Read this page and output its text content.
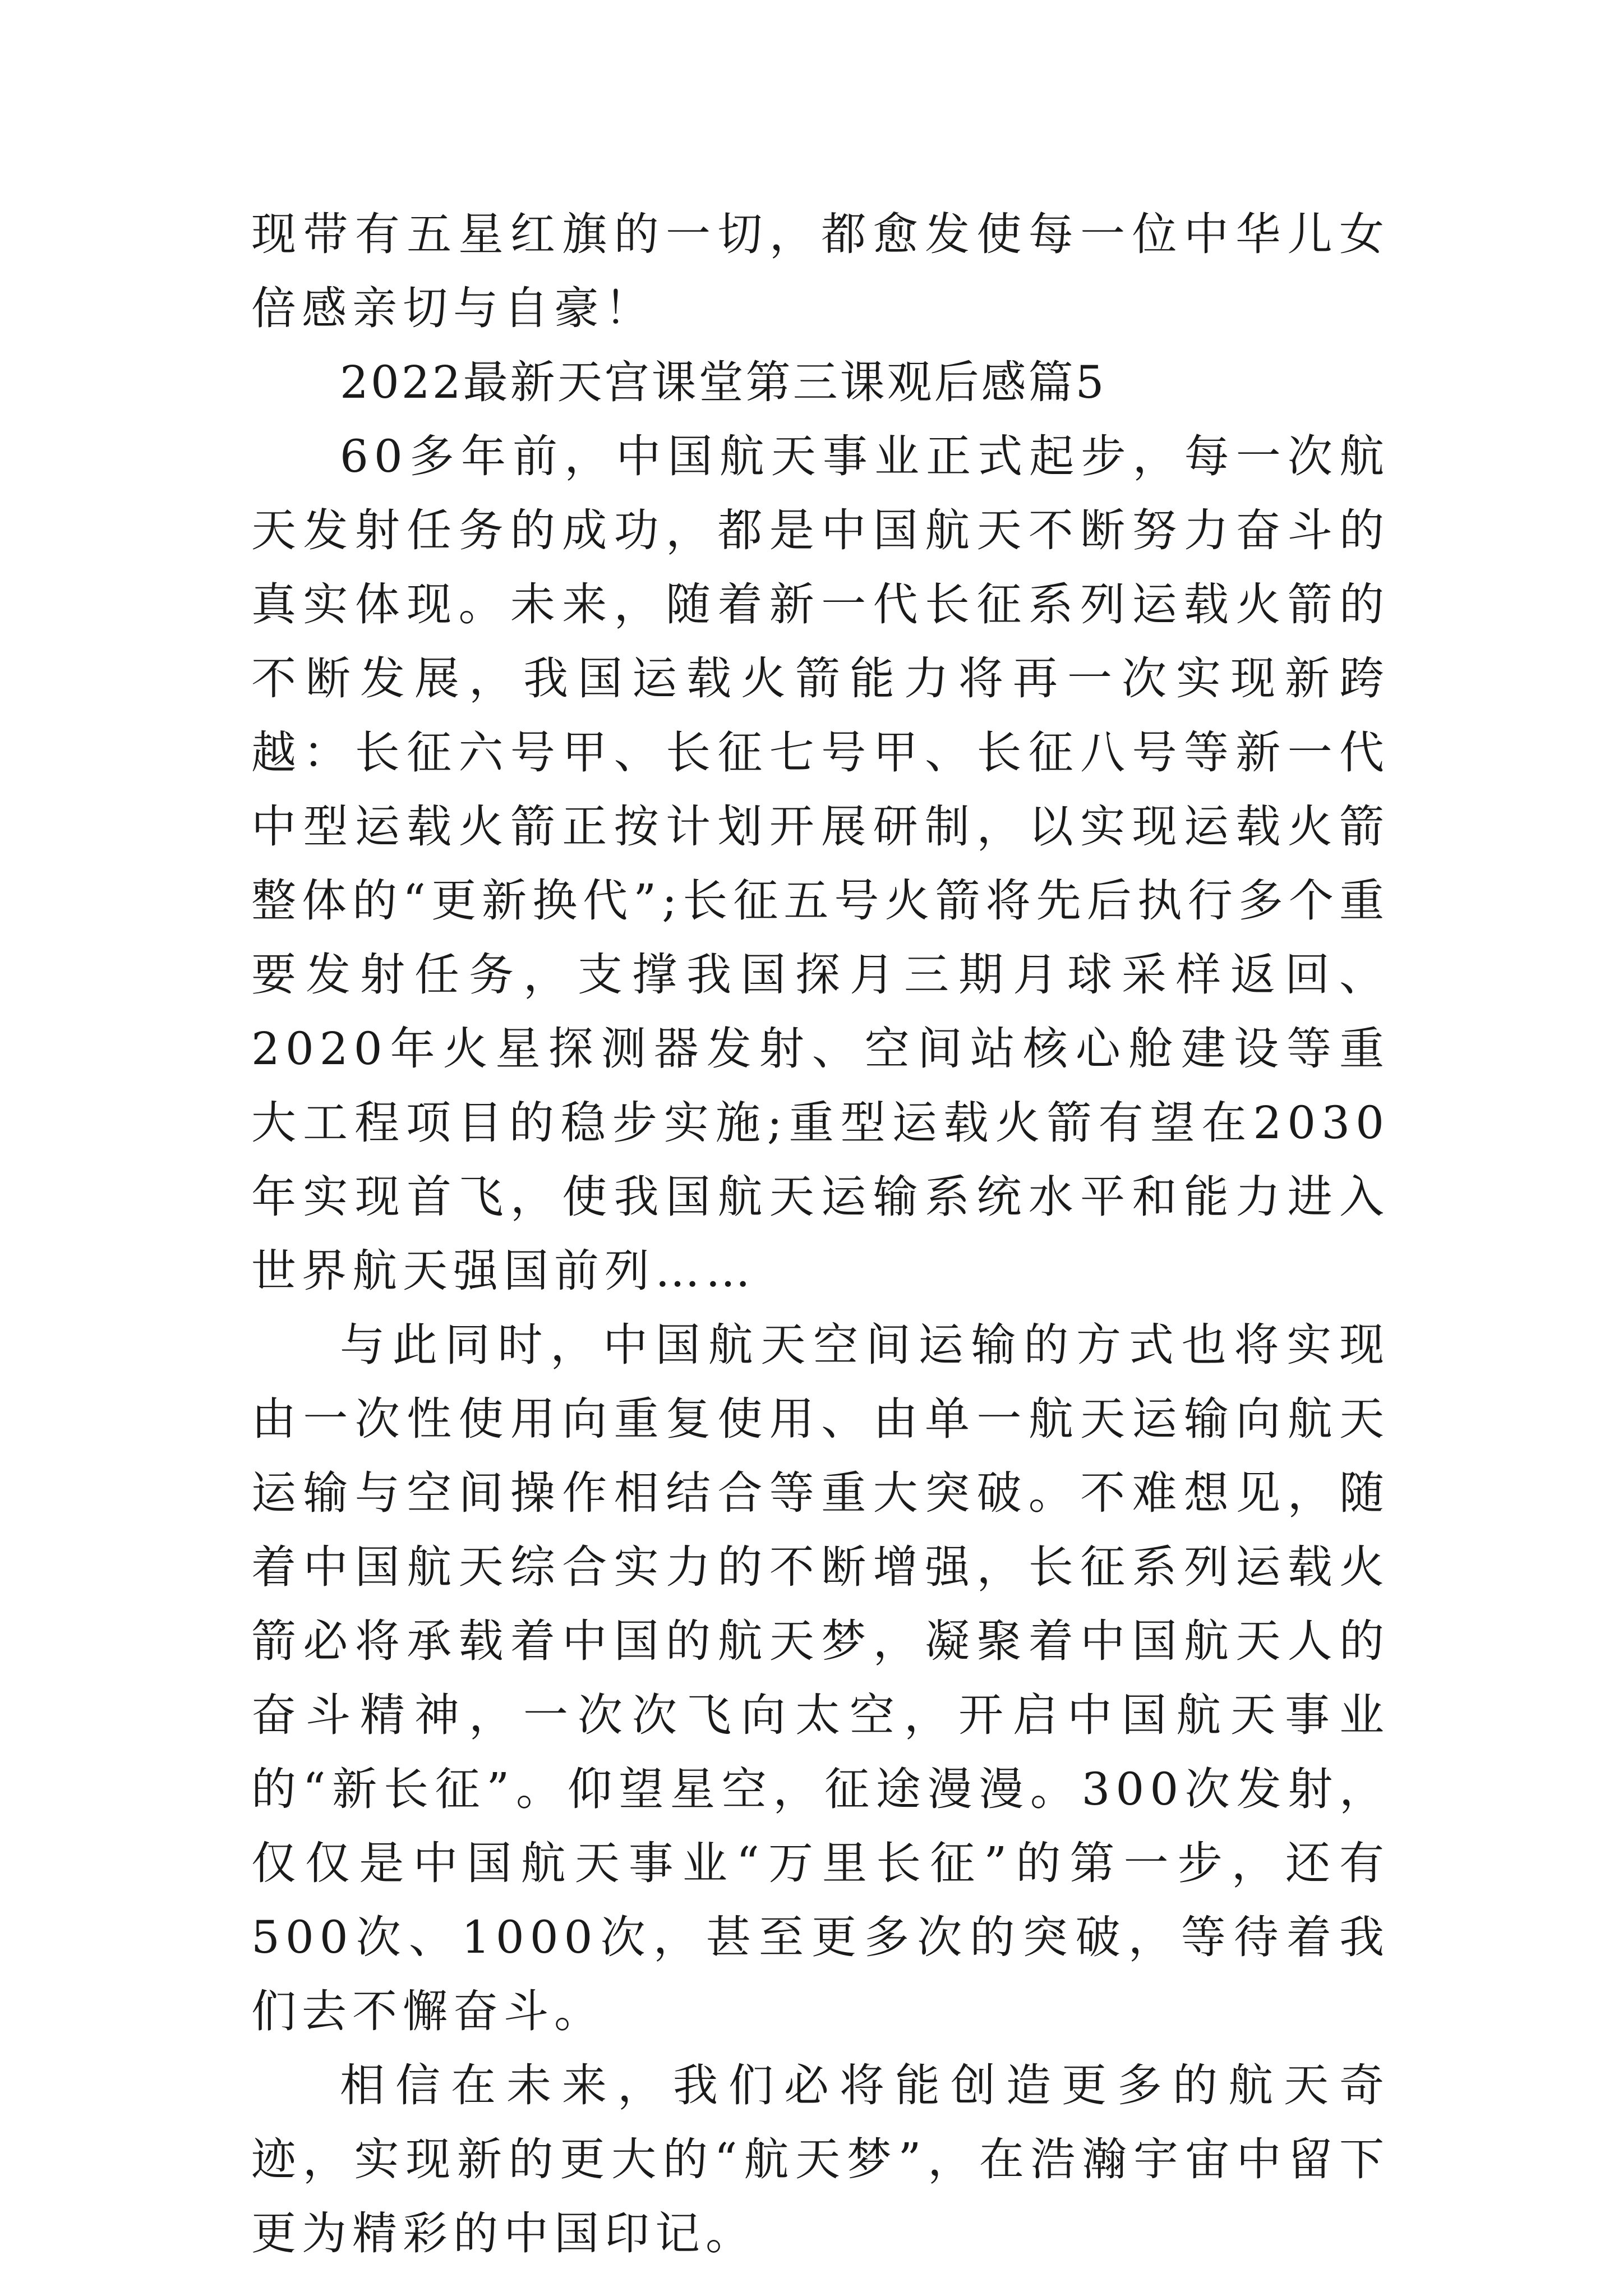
现带有五星红旗的一切，都愈发使每一位中华儿女倍感亲切与自豪！

2022最新天宫课堂第三课观后感篇5

60多年前，中国航天事业正式起步，每一次航天发射任务的成功，都是中国航天不断努力奋斗的真实体现。未来，随着新一代长征系列运载火箭的不断发展，我国运载火箭能力将再一次实现新跨越：长征六号甲、长征七号甲、长征八号等新一代中型运载火箭正按计划开展研制，以实现运载火箭整体的“更新换代”;长征五号火箭将先后执行多个重要发射任务，支撑我国探月三期月球采样返回、2020年火星探测器发射、空间站核心舱建设等重大工程项目的稳步实施;重型运载火箭有望在2030年实现首飞，使我国航天运输系统水平和能力进入世界航天强国前列……

与此同时，中国航天空间运输的方式也将实现由一次性使用向重复使用、由单一航天运输向航天运输与空间操作相结合等重大突破。不难想见，随着中国航天综合实力的不断增强，长征系列运载火箭必将承载着中国的航天梦，凝聚着中国航天人的奋斗精神，一次次飞向太空，开启中国航天事业的“新长征”。仰望星空，征途漫漫。300次发射，仅仅是中国航天事业“万里长征”的第一步，还有500次、1000次，甚至更多次的突破，等待着我们去不懈奋斗。

相信在未来，我们必将能创造更多的航天奇迹，实现新的更大的“航天梦”，在浩瀚宇宙中留下更为精彩的中国印记。
